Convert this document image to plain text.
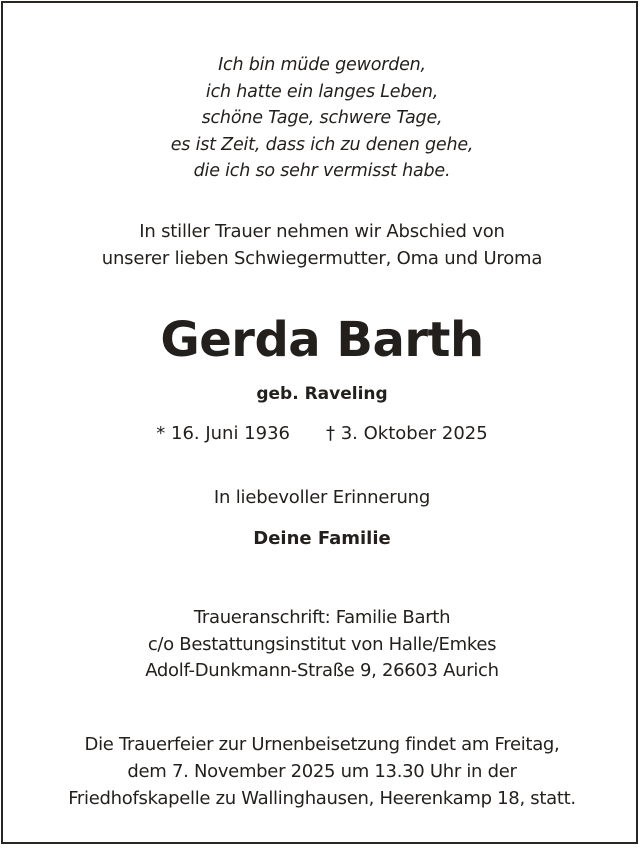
Ich bin müde geworden,
ich hatte ein langes Leben,
schöne Tage, schwere Tage,
es ist Zeit, dass ich zu denen gehe,
die ich so sehr vermisst habe.
In stiller Trauer nehmen wir Abschied von
unserer lieben Schwiegermutter, Oma und Uroma
Gerda Barth
geb. Raveling
* 16. Juni 1936 † 3. Oktober 2025
In liebevoller Erinnerung
Deine Familie
Traueranschrift: Familie Barth
c/o Bestattungsinstitut von Halle/Emkes
Adolf-Dunkmann-Straße 9, 26603 Aurich
Die Trauerfeier zur Urnenbeisetzung findet am Freitag,
dem 7. November 2025 um 13.30 Uhr in der
Friedhofskapelle zu Wallinghausen, Heerenkamp 18, statt.
